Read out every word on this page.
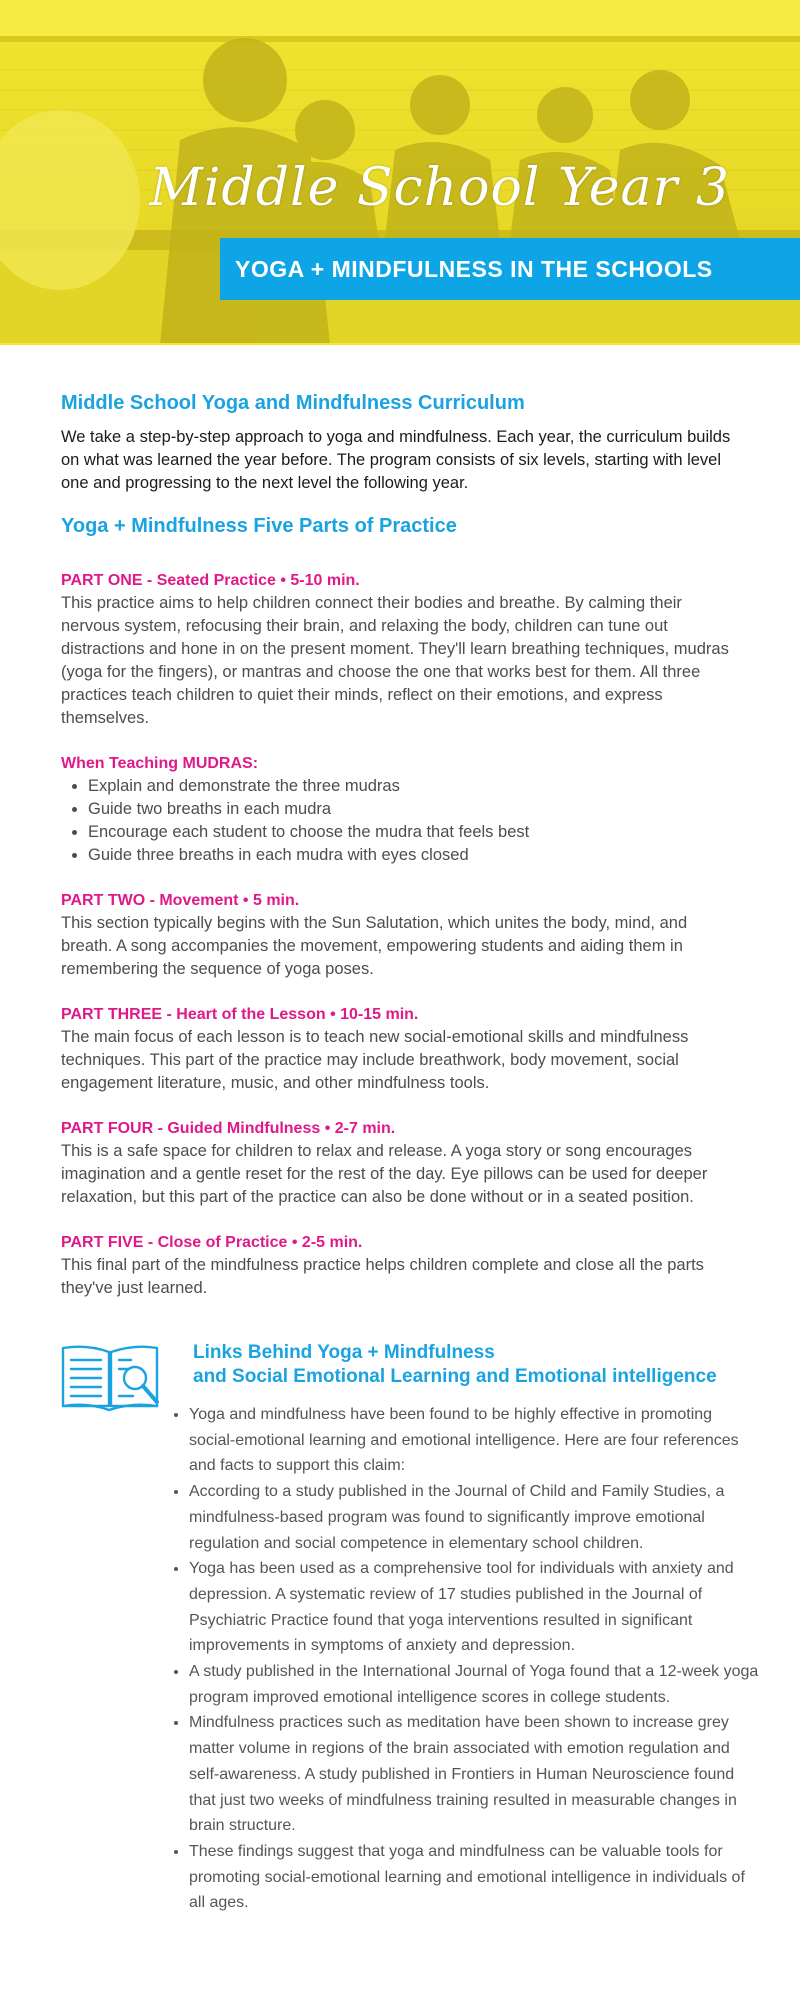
Middle School Year 3
YOGA + MINDFULNESS IN THE SCHOOLS
Middle School Yoga and Mindfulness Curriculum

We take a step-by-step approach to yoga and mindfulness. Each year, the curriculum builds on what was learned the year before. The program consists of six levels, starting with level one and progressing to the next level the following year.

Yoga + Mindfulness Five Parts of Practice

PART ONE - Seated Practice • 5-10 min.

This practice aims to help children connect their bodies and breathe. By calming their nervous system, refocusing their brain, and relaxing the body, children can tune out distractions and hone in on the present moment. They'll learn breathing techniques, mudras (yoga for the fingers), or mantras and choose the one that works best for them. All three practices teach children to quiet their minds, reflect on their emotions, and express themselves.

When Teaching MUDRAS:

• Explain and demonstrate the three mudras
• Guide two breaths in each mudra
• Encourage each student to choose the mudra that feels best
• Guide three breaths in each mudra with eyes closed

PART TWO - Movement • 5 min.

This section typically begins with the Sun Salutation, which unites the body, mind, and breath. A song accompanies the movement, empowering students and aiding them in remembering the sequence of yoga poses.

PART THREE - Heart of the Lesson • 10-15 min.

The main focus of each lesson is to teach new social-emotional skills and mindfulness techniques. This part of the practice may include breathwork, body movement, social engagement literature, music, and other mindfulness tools.

PART FOUR - Guided Mindfulness • 2-7 min.

This is a safe space for children to relax and release. A yoga story or song encourages imagination and a gentle reset for the rest of the day. Eye pillows can be used for deeper relaxation, but this part of the practice can also be done without or in a seated position.

PART FIVE - Close of Practice • 2-5 min.

This final part of the mindfulness practice helps children complete and close all the parts they've just learned.

Links Behind Yoga + Mindfulness
and Social Emotional Learning and Emotional intelligence
• Yoga and mindfulness have been found to be highly effective in promoting social-emotional learning and emotional intelligence. Here are four references and facts to support this claim:
• According to a study published in the Journal of Child and Family Studies, a mindfulness-based program was found to significantly improve emotional regulation and social competence in elementary school children.
• Yoga has been used as a comprehensive tool for individuals with anxiety and depression. A systematic review of 17 studies published in the Journal of Psychiatric Practice found that yoga interventions resulted in significant improvements in symptoms of anxiety and depression.
• A study published in the International Journal of Yoga found that a 12-week yoga program improved emotional intelligence scores in college students.
• Mindfulness practices such as meditation have been shown to increase grey matter volume in regions of the brain associated with emotion regulation and self-awareness. A study published in Frontiers in Human Neuroscience found that just two weeks of mindfulness training resulted in measurable changes in brain structure.
• These findings suggest that yoga and mindfulness can be valuable tools for promoting social-emotional learning and emotional intelligence in individuals of all ages.
